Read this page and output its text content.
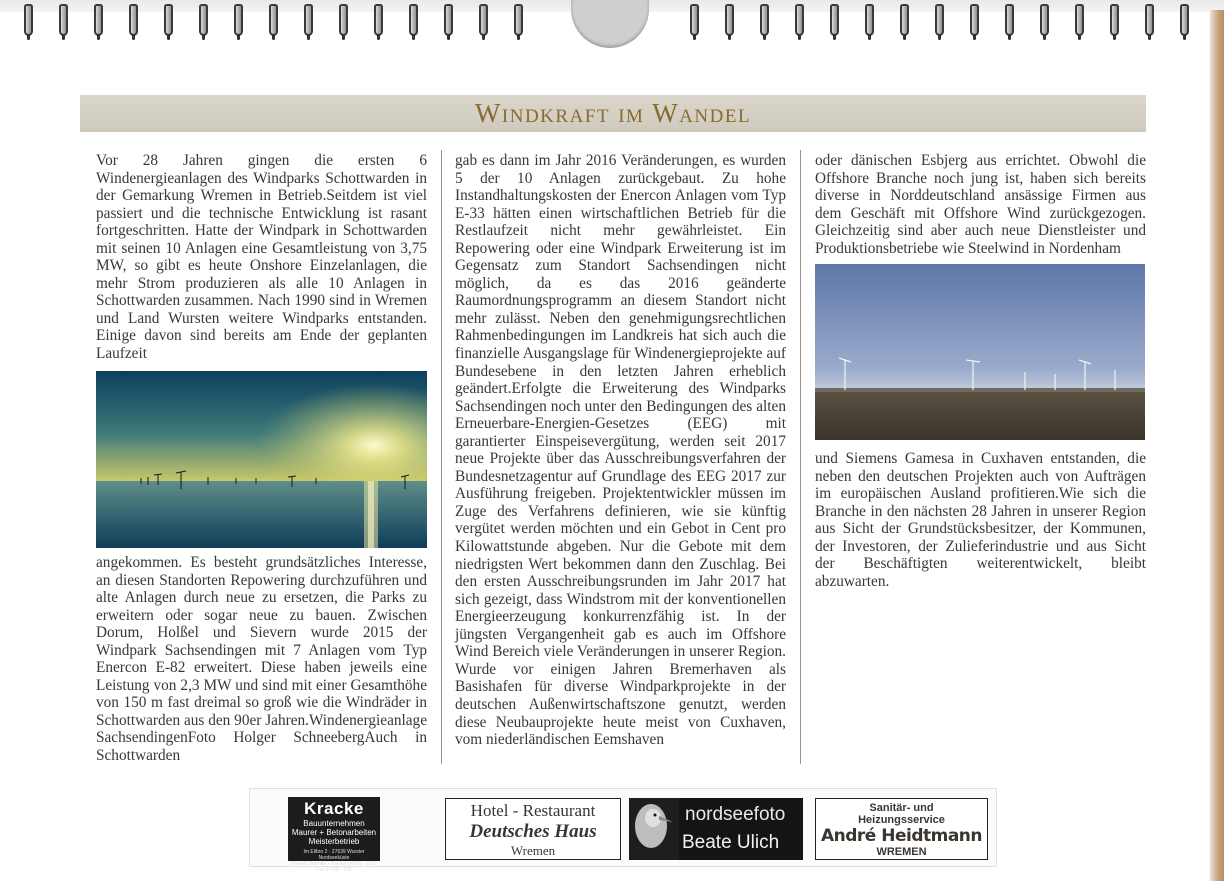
Windkraft im Wandel

Vor 28 Jahren gingen die ersten 6 Windenergieanlagen des Windparks Schottwarden in der Gemarkung Wremen in Betrieb.Seitdem ist viel passiert und die technische Entwicklung ist rasant fortgeschritten. Hatte der Windpark in Schottwarden mit seinen 10 Anlagen eine Gesamtleistung von 3,75 MW, so gibt es heute Onshore Einzelanlagen, die mehr Strom produzieren als alle 10 Anlagen in Schottwarden zusammen. Nach 1990 sind in Wremen und Land Wursten weitere Windparks entstanden. Einige davon sind bereits am Ende der geplanten Laufzeit

angekommen. Es besteht grundsätzliches Interesse, an diesen Standorten Repowering durchzuführen und alte Anlagen durch neue zu ersetzen, die Parks zu erweitern oder sogar neue zu bauen. Zwischen Dorum, Holßel und Sievern wurde 2015 der Windpark Sachsendingen mit 7 Anlagen vom Typ Enercon E-82 erweitert. Diese haben jeweils eine Leistung von 2,3 MW und sind mit einer Gesamthöhe von 150 m fast dreimal so groß wie die Windräder in Schottwarden aus den 90er Jahren.Windenergieanlage SachsendingenFoto Holger SchneebergAuch in Schottwarden

gab es dann im Jahr 2016 Veränderungen, es wurden 5 der 10 Anlagen zurückgebaut. Zu hohe Instandhaltungskosten der Enercon Anlagen vom Typ E-33 hätten einen wirtschaftlichen Betrieb für die Restlaufzeit nicht mehr gewährleistet. Ein Repowering oder eine Windpark Erweiterung ist im Gegensatz zum Standort Sachsendingen nicht möglich, da es das 2016 geänderte Raumordnungsprogramm an diesem Standort nicht mehr zulässt. Neben den genehmigungsrechtlichen Rahmenbedingungen im Landkreis hat sich auch die finanzielle Ausgangslage für Windenergieprojekte auf Bundesebene in den letzten Jahren erheblich geändert.Erfolgte die Erweiterung des Windparks Sachsendingen noch unter den Bedingungen des alten Erneuerbare-Energien-Gesetzes (EEG) mit garantierter Einspeisevergütung, werden seit 2017 neue Projekte über das Ausschreibungsverfahren der Bundesnetzagentur auf Grundlage des EEG 2017 zur Ausführung freigeben. Projektentwickler müssen im Zuge des Verfahrens definieren, wie sie künftig vergütet werden möchten und ein Gebot in Cent pro Kilowattstunde abgeben. Nur die Gebote mit dem niedrigsten Wert bekommen dann den Zuschlag. Bei den ersten Ausschreibungsrunden im Jahr 2017 hat sich gezeigt, dass Windstrom mit der konventionellen Energieerzeugung konkurrenzfähig ist. In der jüngsten Vergangenheit gab es auch im Offshore Wind Bereich viele Veränderungen in unserer Region. Wurde vor einigen Jahren Bremerhaven als Basishafen für diverse Windparkprojekte in der deutschen Außenwirtschaftszone genutzt, werden diese Neubauprojekte heute meist von Cuxhaven, vom niederländischen Eemshaven

oder dänischen Esbjerg aus errichtet. Obwohl die Offshore Branche noch jung ist, haben sich bereits diverse in Norddeutschland ansässige Firmen aus dem Geschäft mit Offshore Wind zurückgezogen. Gleichzeitig sind aber auch neue Dienstleister und Produktionsbetriebe wie Steelwind in Nordenham

und Siemens Gamesa in Cuxhaven entstanden, die neben den deutschen Projekten auch von Aufträgen im europäischen Ausland profitieren.Wie sich die Branche in den nächsten 28 Jahren in unserer Region aus Sicht der Grundstücksbesitzer, der Kommunen, der Investoren, der Zulieferindustrie und aus Sicht der Beschäftigten weiterentwickelt, bleibt abzuwarten.

Kracke
Bauunternehmen
Maurer + Betonarbeiten
Meisterbetrieb
Im Ellbro 2 · 27639 Wurster Nordseeküste
Ortsteil Wremen · Telefon 04705 - 216 · Fax 04705 - 635
Hotel - Restaurant
Deutsches Haus
Wremen
nordseefoto
Beate Ulich
Sanitär- und
Heizungsservice
André Heidtmann
WREMEN
